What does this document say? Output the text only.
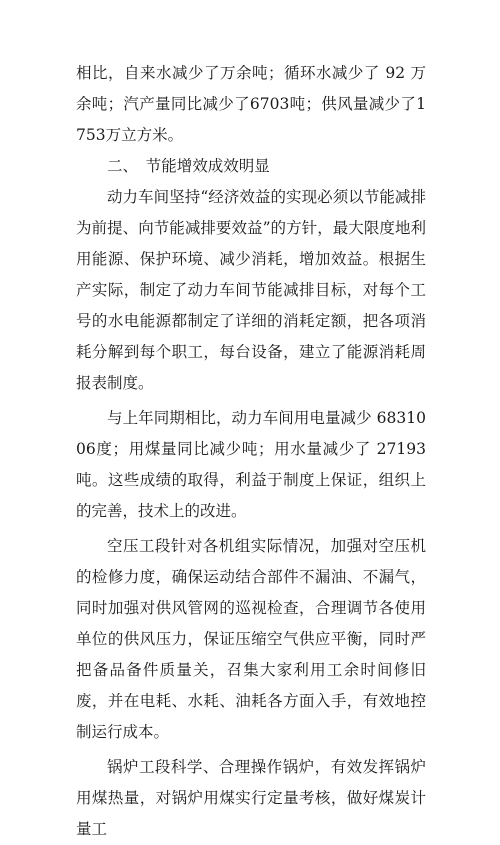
相比，自来水减少了万余吨；循环水减少了 92 万余吨；汽产量同比减少了6703吨；供风量减少了1753万立方米。

二、　节能增效成效明显

动力车间坚持“经济效益的实现必须以节能减排为前提、向节能减排要效益”的方针，最大限度地利用能源、保护环境、减少消耗，增加效益。根据生产实际，制定了动力车间节能减排目标，对每个工号的水电能源都制定了详细的消耗定额，把各项消耗分解到每个职工，每台设备，建立了能源消耗周报表制度。

与上年同期相比，动力车间用电量减少 6831006度；用煤量同比减少吨；用水量减少了 27193 吨。这些成绩的取得，利益于制度上保证，组织上的完善，技术上的改进。

空压工段针对各机组实际情况，加强对空压机的检修力度，确保运动结合部件不漏油、不漏气，同时加强对供风管网的巡视检查，合理调节各使用单位的供风压力，保证压缩空气供应平衡，同时严把备品备件质量关，召集大家利用工余时间修旧废，并在电耗、水耗、油耗各方面入手，有效地控制运行成本。

锅炉工段科学、合理操作锅炉，有效发挥锅炉用煤热量，对锅炉用煤实行定量考核，做好煤炭计量工
